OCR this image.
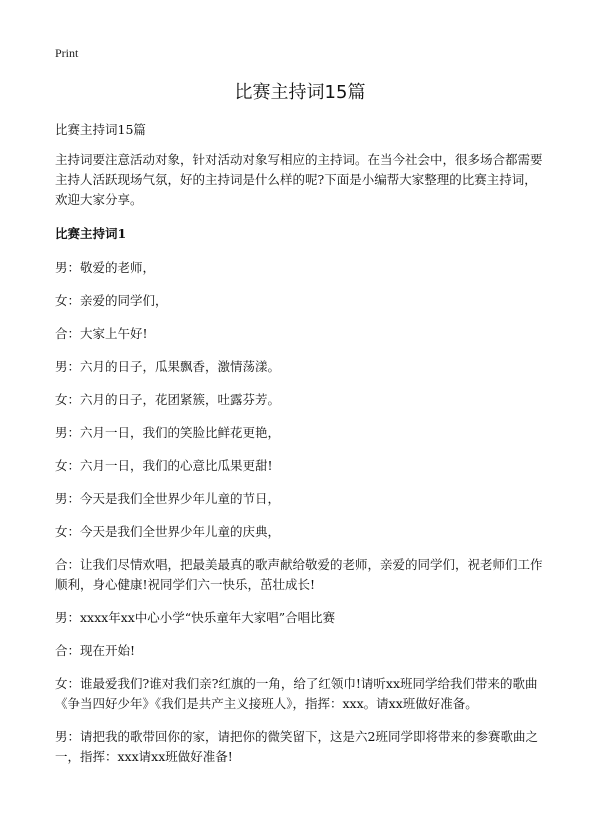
Print
比赛主持词15篇

比赛主持词15篇

主持词要注意活动对象，针对活动对象写相应的主持词。在当今社会中，很多场合都需要主持人活跃现场气氛，好的主持词是什么样的呢?下面是小编帮大家整理的比赛主持词，欢迎大家分享。

比赛主持词1

男：敬爱的老师，

女：亲爱的同学们，

合：大家上午好!

男：六月的日子，瓜果飘香，激情荡漾。

女：六月的日子，花团紧簇，吐露芬芳。

男：六月一日，我们的笑脸比鲜花更艳，

女：六月一日，我们的心意比瓜果更甜!

男：今天是我们全世界少年儿童的节日，

女：今天是我们全世界少年儿童的庆典，

合：让我们尽情欢唱，把最美最真的歌声献给敬爱的老师，亲爱的同学们，祝老师们工作顺利，身心健康!祝同学们六一快乐，茁壮成长!

男：xxxx年xx中心小学“快乐童年大家唱”合唱比赛

合：现在开始!

女：谁最爱我们?谁对我们亲?红旗的一角，给了红领巾!请听xx班同学给我们带来的歌曲《争当四好少年》《我们是共产主义接班人》，指挥：xxx。请xx班做好准备。

男：请把我的歌带回你的家，请把你的微笑留下，这是六2班同学即将带来的参赛歌曲之一，指挥：xxx请xx班做好准备!
